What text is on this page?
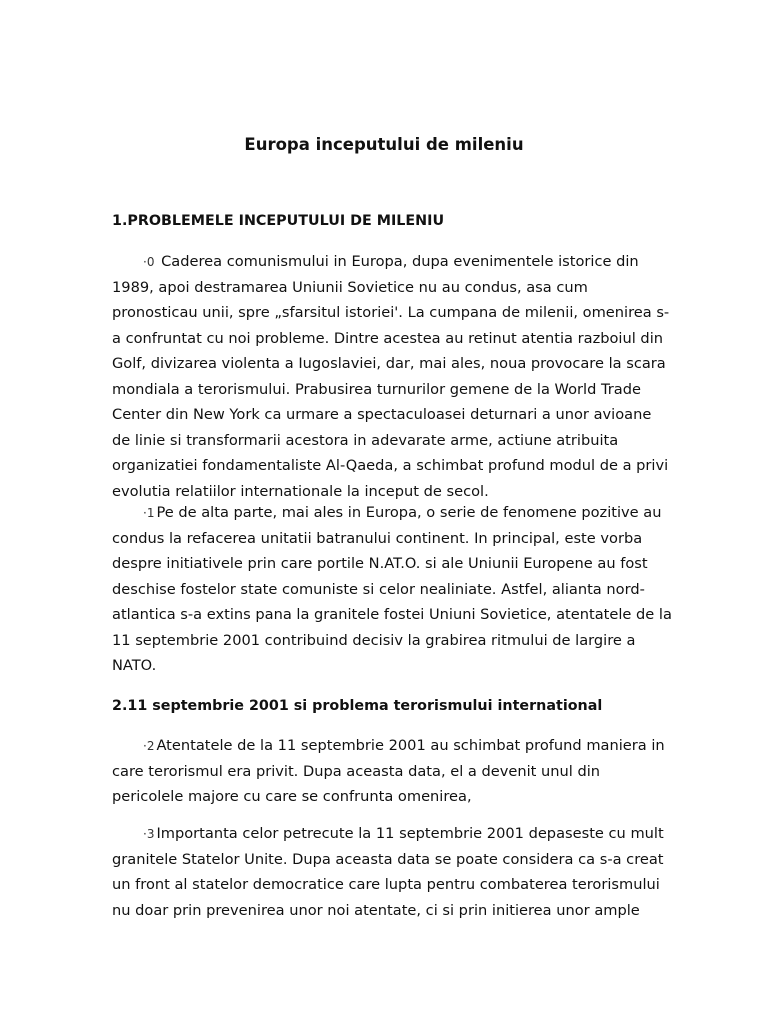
Europa inceputului de mileniu
1.PROBLEMELE INCEPUTULUI DE MILENIU
·0 Caderea comunismului in Europa, dupa evenimentele istorice din
1989, apoi destramarea Uniunii Sovietice nu au condus, asa cum
pronosticau unii, spre „sfarsitul istoriei'. La cumpana de milenii, omenirea s-
a confruntat cu noi probleme. Dintre acestea au retinut atentia razboiul din
Golf, divizarea violenta a Iugoslaviei, dar, mai ales, noua provocare la scara
mondiala a terorismului. Prabusirea turnurilor gemene de la World Trade
Center din New York ca urmare a spectaculoasei deturnari a unor avioane
de linie si transformarii acestora in adevarate arme, actiune atribuita
organizatiei fondamentaliste Al-Qaeda, a schimbat profund modul de a privi
evolutia relatiilor internationale la inceput de secol.
·1 Pe de alta parte, mai ales in Europa, o serie de fenomene pozitive au
condus la refacerea unitatii batranului continent. In principal, este vorba
despre initiativele prin care portile N.AT.O. si ale Uniunii Europene au fost
deschise fostelor state comuniste si celor nealiniate. Astfel, alianta nord-
atlantica s-a extins pana la granitele fostei Uniuni Sovietice, atentatele de la
11 septembrie 2001 contribuind decisiv la grabirea ritmului de largire a
NATO.
2.11 septembrie 2001 si problema terorismului international
·2 Atentatele de la 11 septembrie 2001 au schimbat profund maniera in
care terorismul era privit. Dupa aceasta data, el a devenit unul din
pericolele majore cu care se confrunta omenirea,
·3 Importanta celor petrecute la 11 septembrie 2001 depaseste cu mult
granitele Statelor Unite. Dupa aceasta data se poate considera ca s-a creat
un front al statelor democratice care lupta pentru combaterea terorismului
nu doar prin prevenirea unor noi atentate, ci si prin initierea unor ample
